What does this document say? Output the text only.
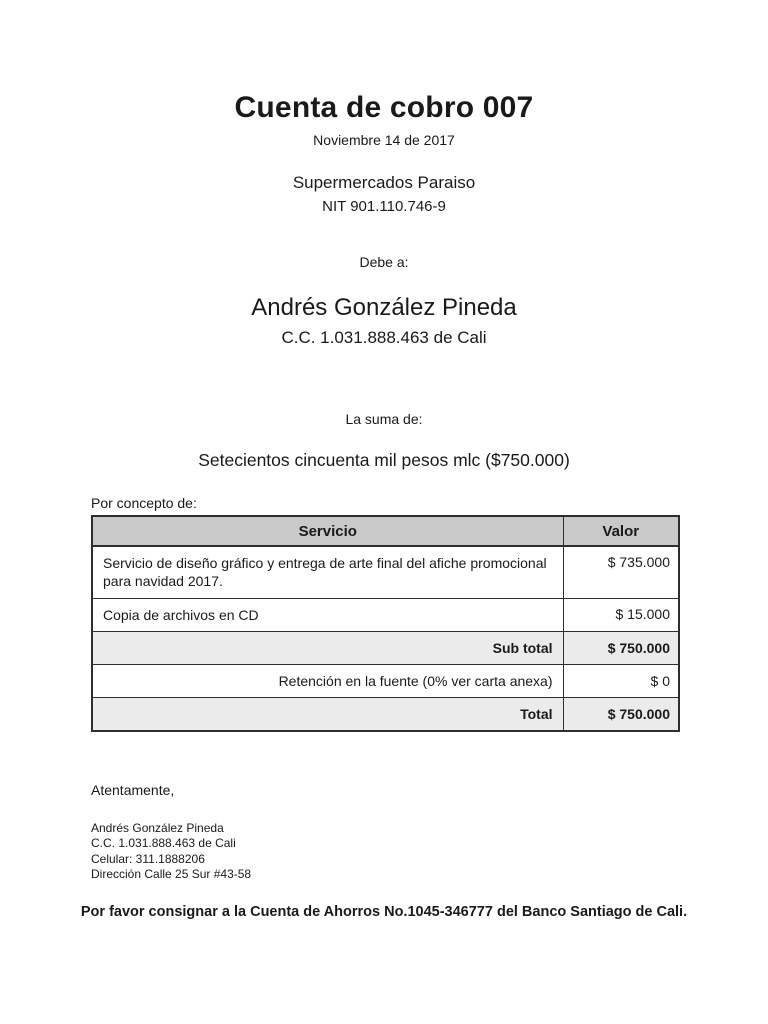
Cuenta de cobro 007
Noviembre 14 de 2017
Supermercados Paraiso
NIT 901.110.746-9
Debe a:
Andrés González Pineda
C.C. 1.031.888.463 de Cali
La suma de:
Setecientos cincuenta mil pesos mlc ($750.000)
Por concepto de:
Servicio	Valor
Servicio de diseño gráfico y entrega de arte final del afiche promocional para navidad 2017.	$ 735.000
Copia de archivos en CD	$ 15.000
Sub total	$ 750.000
Retención en la fuente (0% ver carta anexa)	$ 0
Total	$ 750.000
Atentamente,
Andrés González Pineda
C.C. 1.031.888.463 de Cali
Celular: 311.1888206
Dirección Calle 25 Sur #43-58
Por favor consignar a la Cuenta de Ahorros No.1045-346777 del Banco Santiago de Cali.
